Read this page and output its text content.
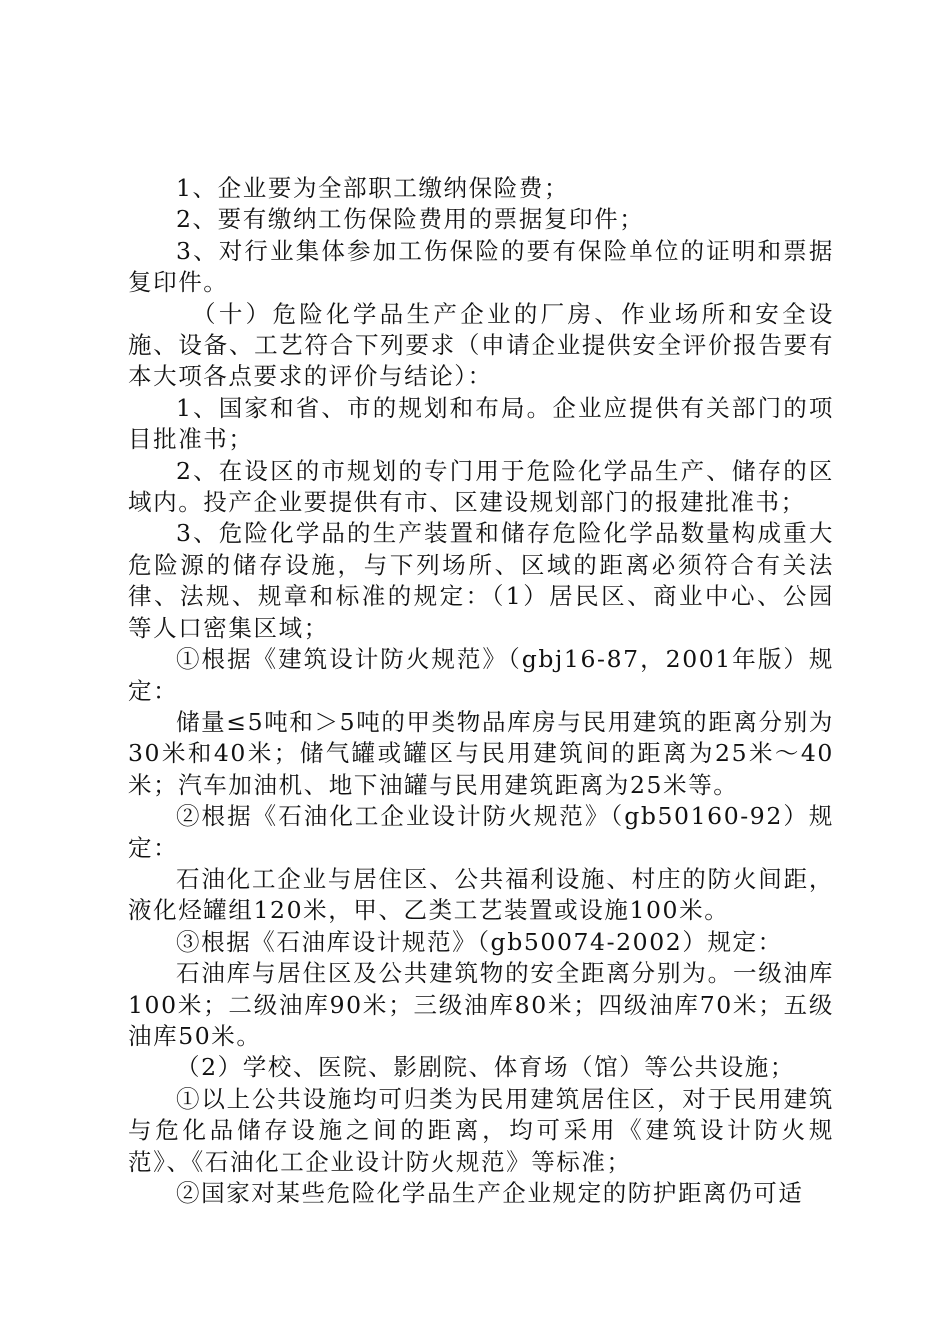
1、企业要为全部职工缴纳保险费；

2、要有缴纳工伤保险费用的票据复印件；

3、对行业集体参加工伤保险的要有保险单位的证明和票据复印件。

（十）危险化学品生产企业的厂房、作业场所和安全设施、设备、工艺符合下列要求（申请企业提供安全评价报告要有本大项各点要求的评价与结论）：

1、国家和省、市的规划和布局。企业应提供有关部门的项目批准书；

2、在设区的市规划的专门用于危险化学品生产、储存的区域内。投产企业要提供有市、区建设规划部门的报建批准书；

3、危险化学品的生产装置和储存危险化学品数量构成重大危险源的储存设施，与下列场所、区域的距离必须符合有关法律、法规、规章和标准的规定：（1）居民区、商业中心、公园等人口密集区域；

①根据《建筑设计防火规范》（gbj16-87，2001年版）规定：

储量≤5吨和＞5吨的甲类物品库房与民用建筑的距离分别为30米和40米；储气罐或罐区与民用建筑间的距离为25米～40米；汽车加油机、地下油罐与民用建筑距离为25米等。

②根据《石油化工企业设计防火规范》（gb50160-92）规定：

石油化工企业与居住区、公共福利设施、村庄的防火间距，液化烃罐组120米，甲、乙类工艺装置或设施100米。

③根据《石油库设计规范》（gb50074-2002）规定：

石油库与居住区及公共建筑物的安全距离分别为。一级油库100米；二级油库90米；三级油库80米；四级油库70米；五级油库50米。

（2）学校、医院、影剧院、体育场（馆）等公共设施；

①以上公共设施均可归类为民用建筑居住区，对于民用建筑与危化品储存设施之间的距离，均可采用《建筑设计防火规范》、《石油化工企业设计防火规范》等标准；

②国家对某些危险化学品生产企业规定的防护距离仍可适
